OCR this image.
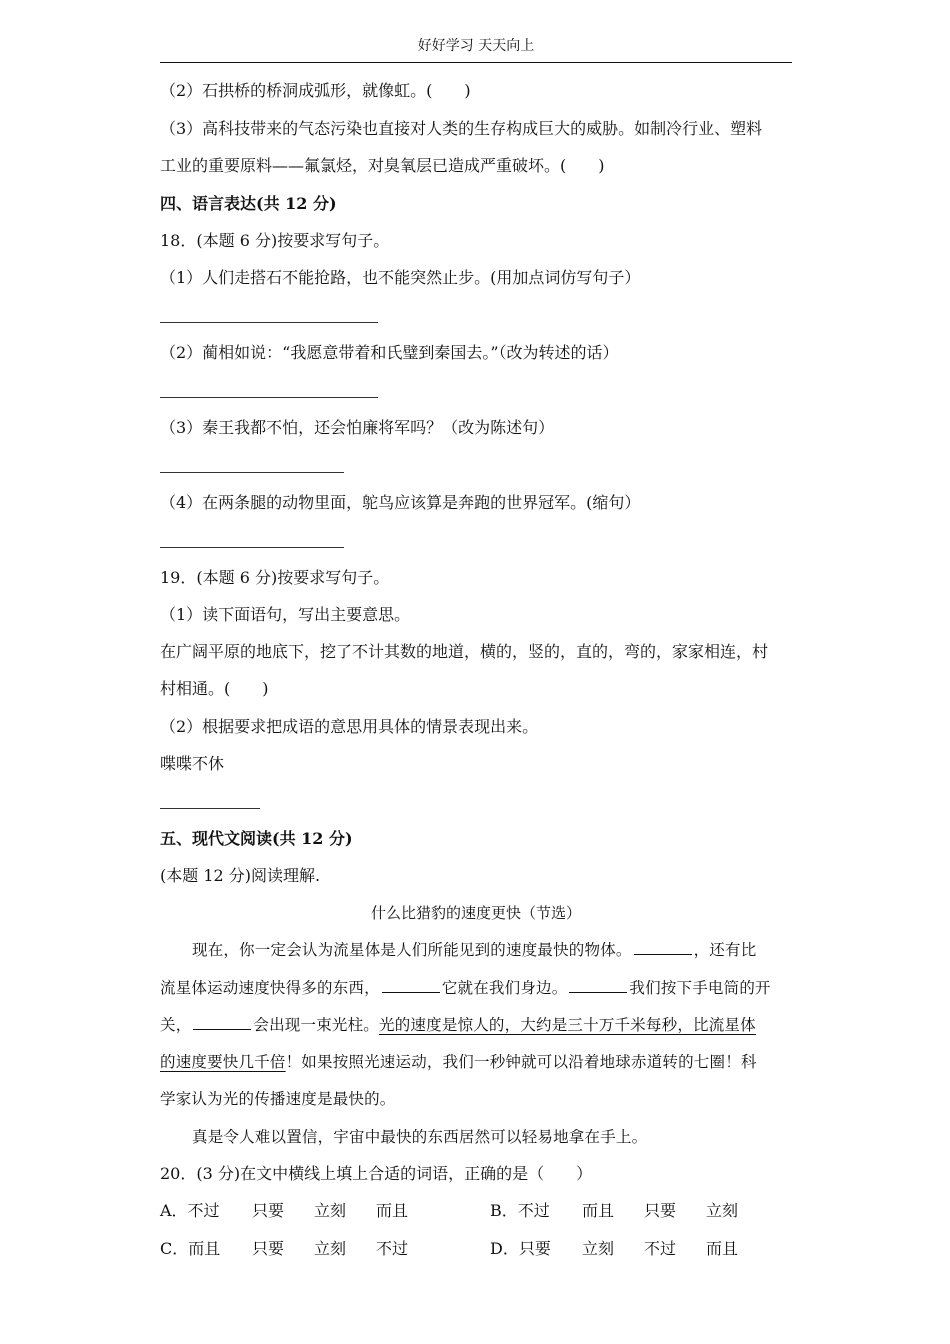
好好学习 天天向上
（2）石拱桥的桥洞成弧形，就像虹。(　　)
（3）高科技带来的气态污染也直接对人类的生存构成巨大的威胁。如制冷行业、塑料
工业的重要原料——氟氯烃，对臭氧层已造成严重破坏。(　　)
四、语言表达(共 12 分)
18．(本题 6 分)按要求写句子。
（1）人们走搭石不能抢路，也不能突然止步。(用加点词仿写句子）
（2）蔺相如说：“我愿意带着和氏璧到秦国去。”（改为转述的话）
（3）秦王我都不怕，还会怕廉将军吗？（改为陈述句）
（4）在两条腿的动物里面，鸵鸟应该算是奔跑的世界冠军。(缩句）
19．(本题 6 分)按要求写句子。
（1）读下面语句，写出主要意思。
在广阔平原的地底下，挖了不计其数的地道，横的，竖的，直的，弯的，家家相连，村
村相通。(　　)
（2）根据要求把成语的意思用具体的情景表现出来。
喋喋不休
五、现代文阅读(共 12 分)
(本题 12 分)阅读理解.
什么比猎豹的速度更快（节选）
现在，你一定会认为流星体是人们所能见到的速度最快的物体。	，还有比
流星体运动速度快得多的东西，	它就在我们身边。	我们按下手电筒的开
关，	会出现一束光柱。光的速度是惊人的，大约是三十万千米每秒，比流星体
的速度要快几千倍！如果按照光速运动，我们一秒钟就可以沿着地球赤道转的七圈！科
学家认为光的传播速度是最快的。
真是令人难以置信，宇宙中最快的东西居然可以轻易地拿在手上。
20．(3 分)在文中横线上填上合适的词语，正确的是（　　）
A．不过 只要 立刻 而且	B．不过 而且 只要 立刻
C．而且 只要 立刻 不过	D．只要 立刻 不过 而且
